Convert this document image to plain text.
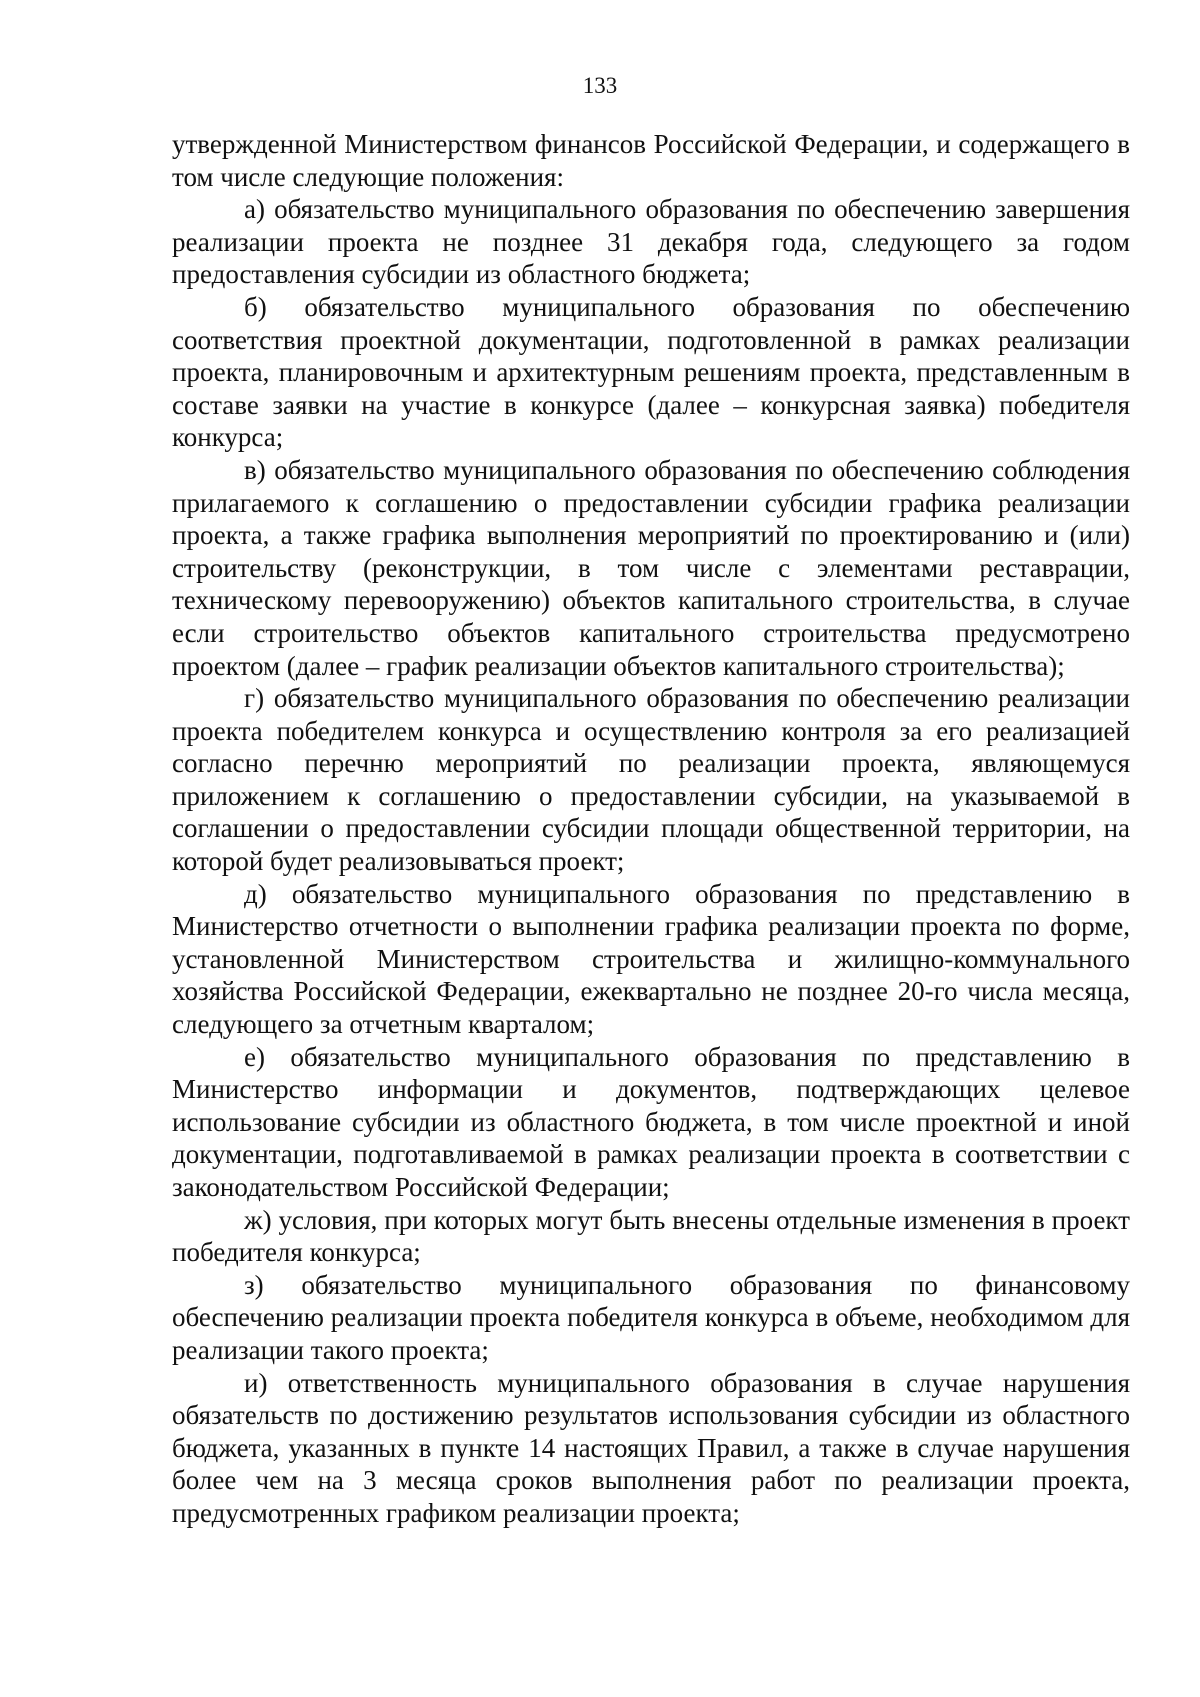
133

утвержденной Министерством финансов Российской Федерации, и содержащего в том числе следующие положения:

а) обязательство муниципального образования по обеспечению завершения реализации проекта не позднее 31 декабря года, следующего за годом предоставления субсидии из областного бюджета;

б) обязательство муниципального образования по обеспечению соответствия проектной документации, подготовленной в рамках реализации проекта, планировочным и архитектурным решениям проекта, представленным в составе заявки на участие в конкурсе (далее – конкурсная заявка) победителя конкурса;

в) обязательство муниципального образования по обеспечению соблюдения прилагаемого к соглашению о предоставлении субсидии графика реализации проекта, а также графика выполнения мероприятий по проектированию и (или) строительству (реконструкции, в том числе с элементами реставрации, техническому перевооружению) объектов капитального строительства, в случае если строительство объектов капитального строительства предусмотрено проектом (далее – график реализации объектов капитального строительства);

г) обязательство муниципального образования по обеспечению реализации проекта победителем конкурса и осуществлению контроля за его реализацией согласно перечню мероприятий по реализации проекта, являющемуся приложением к соглашению о предоставлении субсидии, на указываемой в соглашении о предоставлении субсидии площади общественной территории, на которой будет реализовываться проект;

д) обязательство муниципального образования по представлению в Министерство отчетности о выполнении графика реализации проекта по форме, установленной Министерством строительства и жилищно-коммунального хозяйства Российской Федерации, ежеквартально не позднее 20-го числа месяца, следующего за отчетным кварталом;

е) обязательство муниципального образования по представлению в Министерство информации и документов, подтверждающих целевое использование субсидии из областного бюджета, в том числе проектной и иной документации, подготавливаемой в рамках реализации проекта в соответствии с законодательством Российской Федерации;

ж) условия, при которых могут быть внесены отдельные изменения в проект победителя конкурса;

з) обязательство муниципального образования по финансовому обеспечению реализации проекта победителя конкурса в объеме, необходимом для реализации такого проекта;

и) ответственность муниципального образования в случае нарушения обязательств по достижению результатов использования субсидии из областного бюджета, указанных в пункте 14 настоящих Правил, а также в случае нарушения более чем на 3 месяца сроков выполнения работ по реализации проекта, предусмотренных графиком реализации проекта;
